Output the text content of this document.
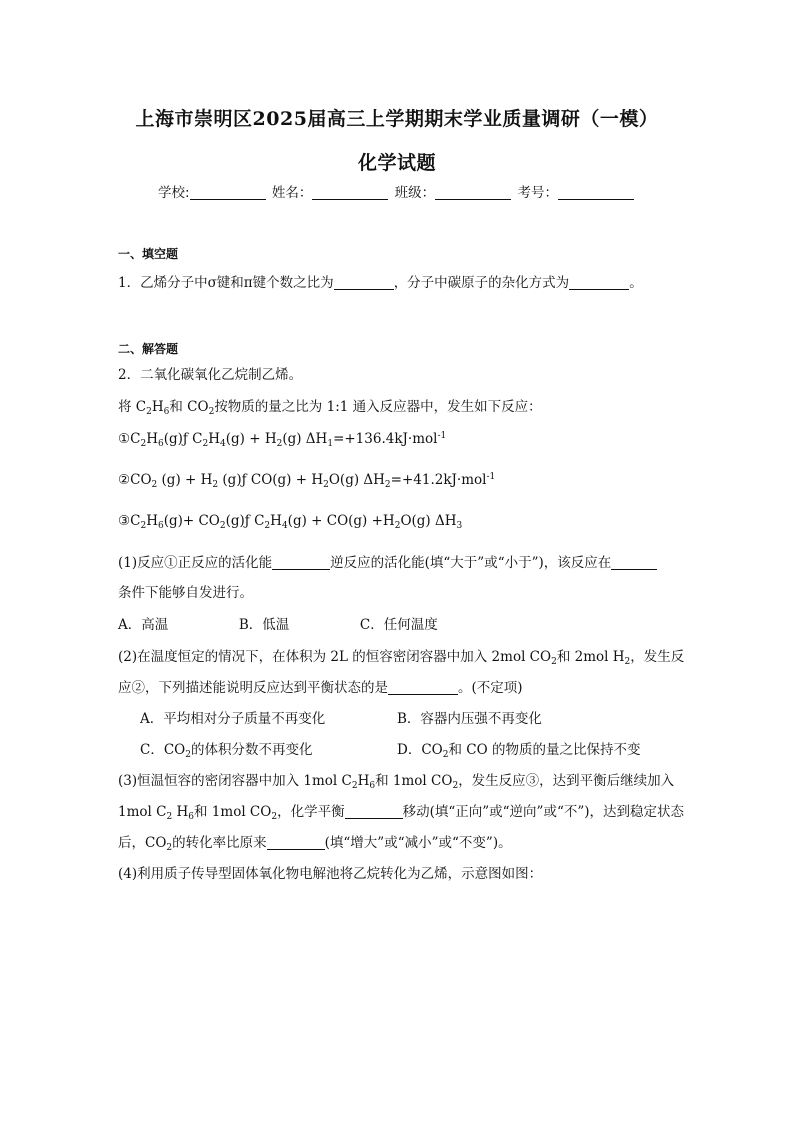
上海市崇明区2025届高三上学期期末学业质量调研（一模）
化学试题
学校:	姓名：	班级：	考号：
一、填空题
1．乙烯分子中σ键和π键个数之比为	，分子中碳原子的杂化方式为	。
二、解答题
2．二氧化碳氧化乙烷制乙烯。
将 $C_2H_6$和 $CO_2$按物质的量之比为 1:1 通入反应器中，发生如下反应：
$①C_2H_6(g)ƒ$ $C_2H_4(g) + H_2(g)$ $\Delta H_1=+136.4kJ\cdot mol^{-1}$
$②CO_2$ $(g) + H_2$ (g)ƒ $CO(g) + H_2O(g)$ $\Delta H_2=+41.2kJ\cdot mol^{-1}$
$③C_2H_6(g)+$ $CO_2(g)ƒ$ $C_2H_4(g) + CO(g) +H_2O(g)$ $\Delta H_3$
(1)反应①正反应的活化能	逆反应的活化能(填“大于”或“小于”)，该反应在
条件下能够自发进行。
A．高温	B．低温	C．任何温度
(2)在温度恒定的情况下，在体积为 2L 的恒容密闭容器中加入 2mol $CO_2$和 2mol $H_2$，发生反
应②，下列描述能说明反应达到平衡状态的是	。(不定项)
A．平均相对分子质量不再变化	B．容器内压强不再变化
C．$CO_2$的体积分数不再变化	D．$CO_2$和 CO 的物质的量之比保持不变
(3)恒温恒容的密闭容器中加入 1mol $C_2H_6$和 1mol $CO_2$，发生反应③，达到平衡后继续加入
1mol $C_2$ $H_6$和 1mol $CO_2$，化学平衡	移动(填“正向”或“逆向”或“不”)，达到稳定状态
后，$CO_2$的转化率比原来	(填“增大”或“减小”或“不变”)。
(4)利用质子传导型固体氧化物电解池将乙烷转化为乙烯，示意图如图：
